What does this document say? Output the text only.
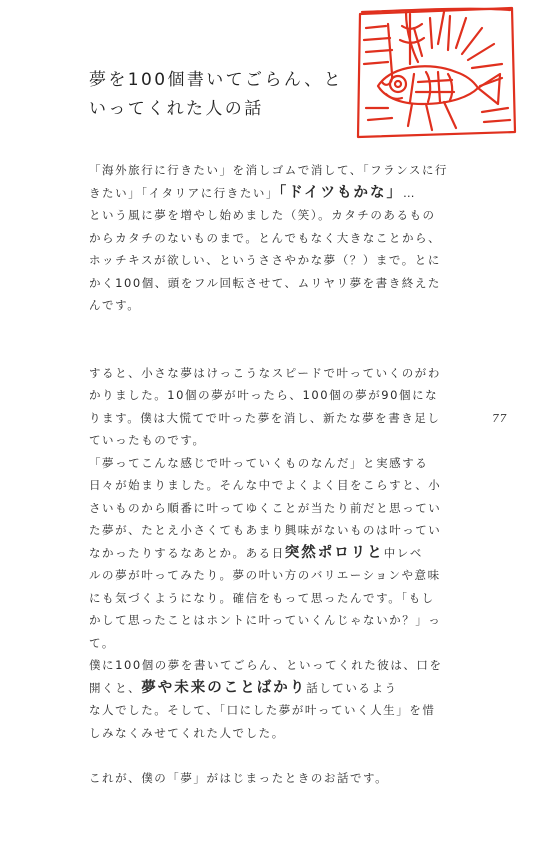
夢を100個書いてごらん、と
いってくれた人の話
「海外旅行に行きたい」を消しゴムで消して、「フランスに行
きたい」「イタリアに行きたい」「ドイツもかな」…
という風に夢を増やし始めました（笑）。カタチのあるもの
からカタチのないものまで。とんでもなく大きなことから、
ホッチキスが欲しい、というささやかな夢（？）まで。とに
かく100個、頭をフル回転させて、ムリヤリ夢を書き終えた
んです。
すると、小さな夢はけっこうなスピードで叶っていくのがわ
かりました。10個の夢が叶ったら、100個の夢が90個にな
ります。僕は大慌てで叶った夢を消し、新たな夢を書き足し
ていったものです。
「夢ってこんな感じで叶っていくものなんだ」と実感する
日々が始まりました。そんな中でよくよく目をこらすと、小
さいものから順番に叶ってゆくことが当たり前だと思ってい
た夢が、たとえ小さくてもあまり興味がないものは叶ってい
なかったりするなあとか。ある日突然ポロリと中レベ
ルの夢が叶ってみたり。夢の叶い方のバリエーションや意味
にも気づくようになり。確信をもって思ったんです。「もし
かして思ったことはホントに叶っていくんじゃないか？」っ
て。
僕に100個の夢を書いてごらん、といってくれた彼は、口を
開くと、夢や未来のことばかり話しているよう
な人でした。そして、「口にした夢が叶っていく人生」を惜
しみなくみせてくれた人でした。
これが、僕の「夢」がはじまったときのお話です。
77
